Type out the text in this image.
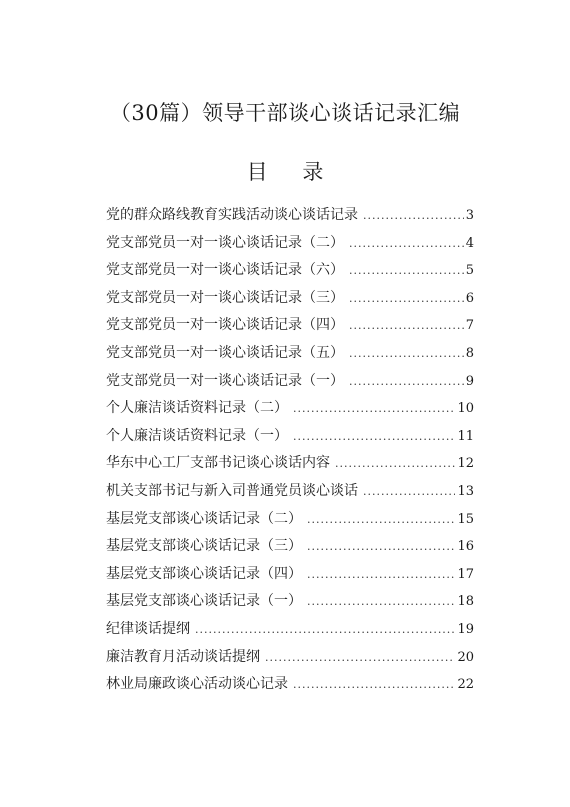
（30篇）领导干部谈心谈话记录汇编
目 录
党的群众路线教育实践活动谈心谈话记录 .....	3
党支部党员一对一谈心谈话记录（二） .....	4
党支部党员一对一谈心谈话记录（六） .....	5
党支部党员一对一谈心谈话记录（三） .....	6
党支部党员一对一谈心谈话记录（四） .....	7
党支部党员一对一谈心谈话记录（五） .....	8
党支部党员一对一谈心谈话记录（一） .....	9
个人廉洁谈话资料记录（二） .....	10
个人廉洁谈话资料记录（一） .....	11
华东中心工厂支部书记谈心谈话内容 .....	12
机关支部书记与新入司普通党员谈心谈话 .....	13
基层党支部谈心谈话记录（二） .....	15
基层党支部谈心谈话记录（三） .....	16
基层党支部谈心谈话记录（四） .....	17
基层党支部谈心谈话记录（一） .....	18
纪律谈话提纲 .....	19
廉洁教育月活动谈话提纲 .....	20
林业局廉政谈心活动谈心记录 .....	22
